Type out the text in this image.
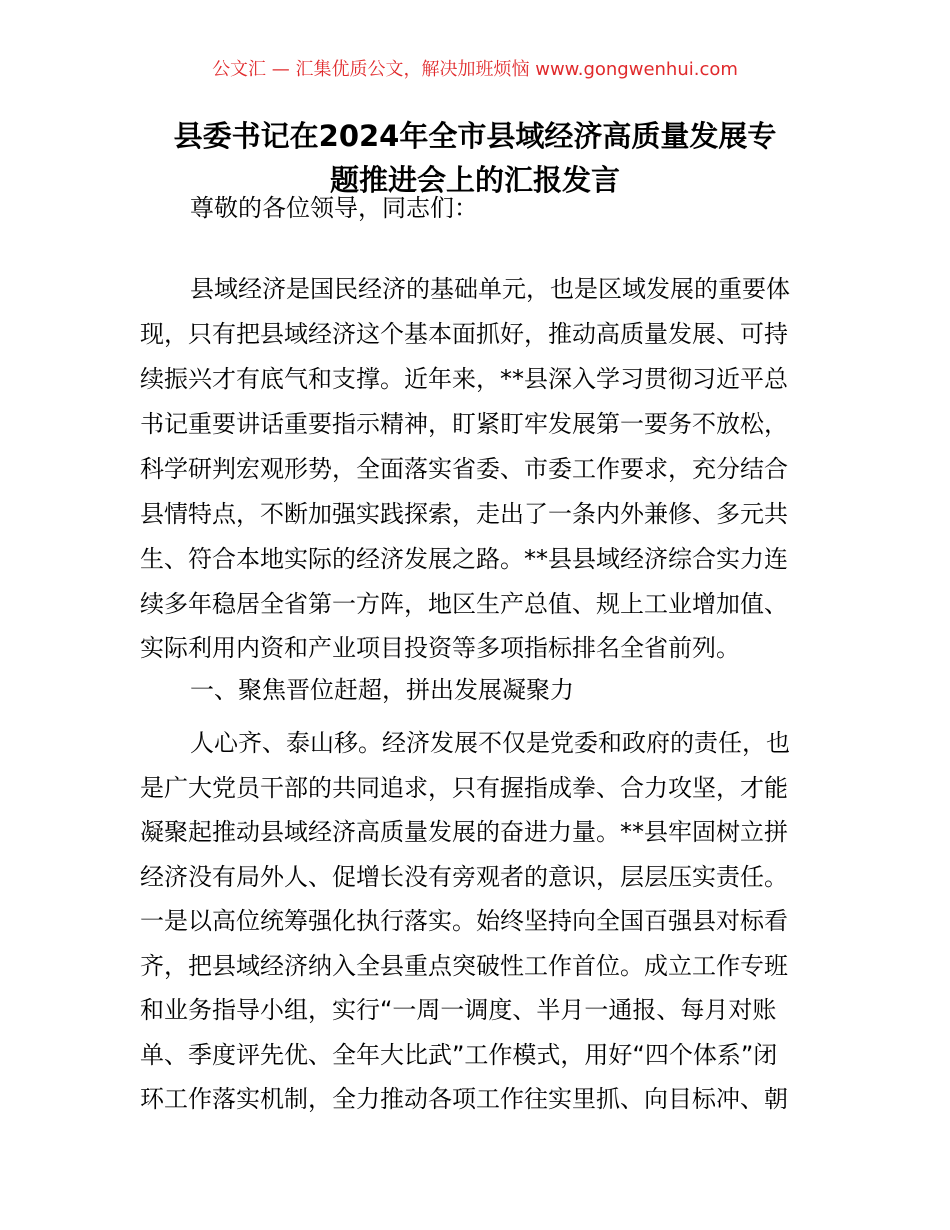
公文汇 — 汇集优质公文，解决加班烦恼 www.gongwenhui.com
县委书记在2024年全市县域经济高质量发展专
题推进会上的汇报发言
尊敬的各位领导，同志们：
县域经济是国民经济的基础单元，也是区域发展的重要体
现，只有把县域经济这个基本面抓好，推动高质量发展、可持
续振兴才有底气和支撑。近年来，**县深入学习贯彻习近平总
书记重要讲话重要指示精神，盯紧盯牢发展第一要务不放松，
科学研判宏观形势，全面落实省委、市委工作要求，充分结合
县情特点，不断加强实践探索，走出了一条内外兼修、多元共
生、符合本地实际的经济发展之路。**县县域经济综合实力连
续多年稳居全省第一方阵，地区生产总值、规上工业增加值、
实际利用内资和产业项目投资等多项指标排名全省前列。
一、聚焦晋位赶超，拼出发展凝聚力
人心齐、泰山移。经济发展不仅是党委和政府的责任，也
是广大党员干部的共同追求，只有握指成拳、合力攻坚，才能
凝聚起推动县域经济高质量发展的奋进力量。**县牢固树立拼
经济没有局外人、促增长没有旁观者的意识，层层压实责任。
一是以高位统筹强化执行落实。始终坚持向全国百强县对标看
齐，把县域经济纳入全县重点突破性工作首位。成立工作专班
和业务指导小组，实行“一周一调度、半月一通报、每月对账
单、季度评先优、全年大比武”工作模式，用好“四个体系”闭
环工作落实机制，全力推动各项工作往实里抓、向目标冲、朝
